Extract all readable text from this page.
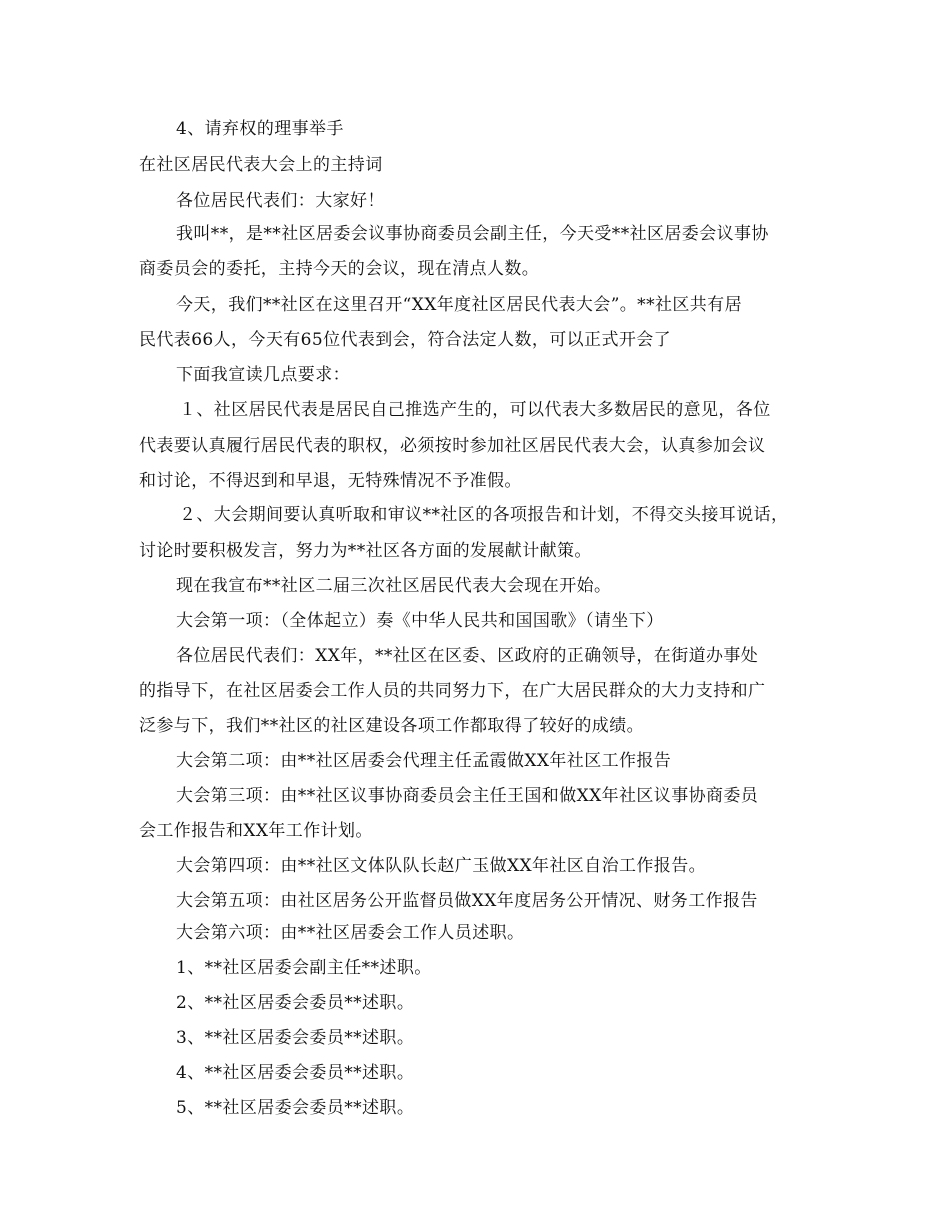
4、请弃权的理事举手
在社区居民代表大会上的主持词
各位居民代表们：大家好！
我叫**，是**社区居委会议事协商委员会副主任，今天受**社区居委会议事协
商委员会的委托，主持今天的会议，现在清点人数。
今天，我们**社区在这里召开“XX年度社区居民代表大会”。**社区共有居
民代表66人，今天有65位代表到会，符合法定人数，可以正式开会了
下面我宣读几点要求：
１、社区居民代表是居民自己推选产生的，可以代表大多数居民的意见，各位
代表要认真履行居民代表的职权，必须按时参加社区居民代表大会，认真参加会议
和讨论，不得迟到和早退，无特殊情况不予准假。
２、大会期间要认真听取和审议**社区的各项报告和计划，不得交头接耳说话，
讨论时要积极发言，努力为**社区各方面的发展献计献策。
现在我宣布**社区二届三次社区居民代表大会现在开始。
大会第一项：（全体起立）奏《中华人民共和国国歌》（请坐下）
各位居民代表们：XX年，**社区在区委、区政府的正确领导，在街道办事处
的指导下，在社区居委会工作人员的共同努力下，在广大居民群众的大力支持和广
泛参与下，我们**社区的社区建设各项工作都取得了较好的成绩。
大会第二项：由**社区居委会代理主任孟霞做XX年社区工作报告
大会第三项：由**社区议事协商委员会主任王国和做XX年社区议事协商委员
会工作报告和XX年工作计划。
大会第四项：由**社区文体队队长赵广玉做XX年社区自治工作报告。
大会第五项：由社区居务公开监督员做XX年度居务公开情况、财务工作报告
大会第六项：由**社区居委会工作人员述职。
1、**社区居委会副主任**述职。
2、**社区居委会委员**述职。
3、**社区居委会委员**述职。
4、**社区居委会委员**述职。
5、**社区居委会委员**述职。
